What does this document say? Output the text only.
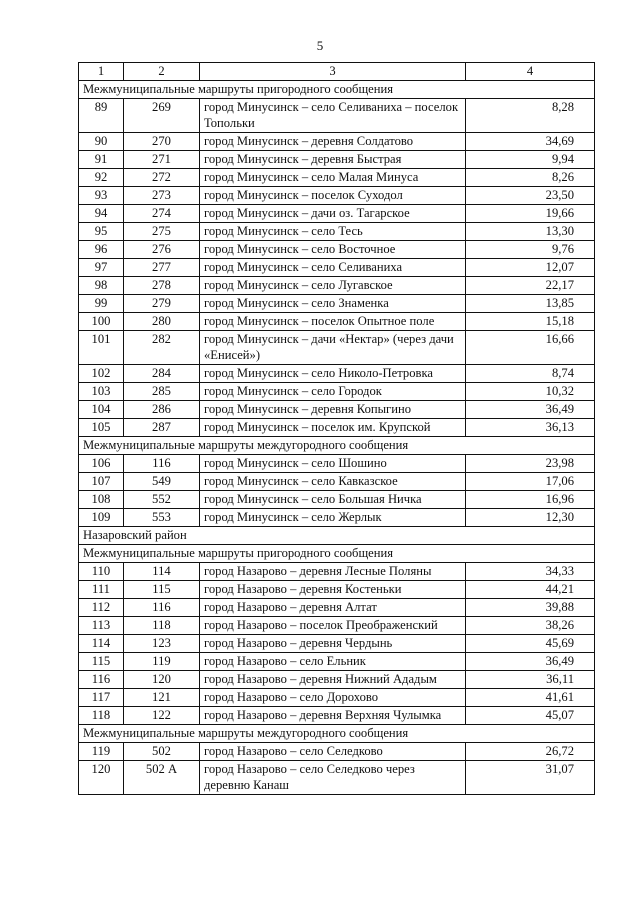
5
1	2	3	4
Межмуниципальные маршруты пригородного сообщения			
89	269	город Минусинск – село Селиваниха – поселок Топольки	8,28
90	270	город Минусинск – деревня Солдатово	34,69
91	271	город Минусинск – деревня Быстрая	9,94
92	272	город Минусинск – село Малая Минуса	8,26
93	273	город Минусинск – поселок Суходол	23,50
94	274	город Минусинск – дачи оз. Тагарское	19,66
95	275	город Минусинск – село Тесь	13,30
96	276	город Минусинск – село Восточное	9,76
97	277	город Минусинск – село Селиваниха	12,07
98	278	город Минусинск – село Лугавское	22,17
99	279	город Минусинск – село Знаменка	13,85
100	280	город Минусинск – поселок Опытное поле	15,18
101	282	город Минусинск – дачи «Нектар» (через дачи «Енисей»)	16,66
102	284	город Минусинск – село Николо-Петровка	8,74
103	285	город Минусинск – село Городок	10,32
104	286	город Минусинск – деревня Копыгино	36,49
105	287	город Минусинск – поселок им. Крупской	36,13
Межмуниципальные маршруты междугородного сообщения			
106	116	город Минусинск – село Шошино	23,98
107	549	город Минусинск – село Кавказское	17,06
108	552	город Минусинск – село Большая Ничка	16,96
109	553	город Минусинск – село Жерлык	12,30
Назаровский район			
Межмуниципальные маршруты пригородного сообщения			
110	114	город Назарово – деревня Лесные Поляны	34,33
111	115	город Назарово – деревня Костеньки	44,21
112	116	город Назарово – деревня Алтат	39,88
113	118	город Назарово – поселок Преображенский	38,26
114	123	город Назарово – деревня Чердынь	45,69
115	119	город Назарово – село Ельник	36,49
116	120	город Назарово – деревня Нижний Ададым	36,11
117	121	город Назарово – село Дорохово	41,61
118	122	город Назарово – деревня Верхняя Чулымка	45,07
Межмуниципальные маршруты междугородного сообщения			
119	502	город Назарово – село Селедково	26,72
120	502 А	город Назарово – село Селедково через деревню Канаш	31,07
